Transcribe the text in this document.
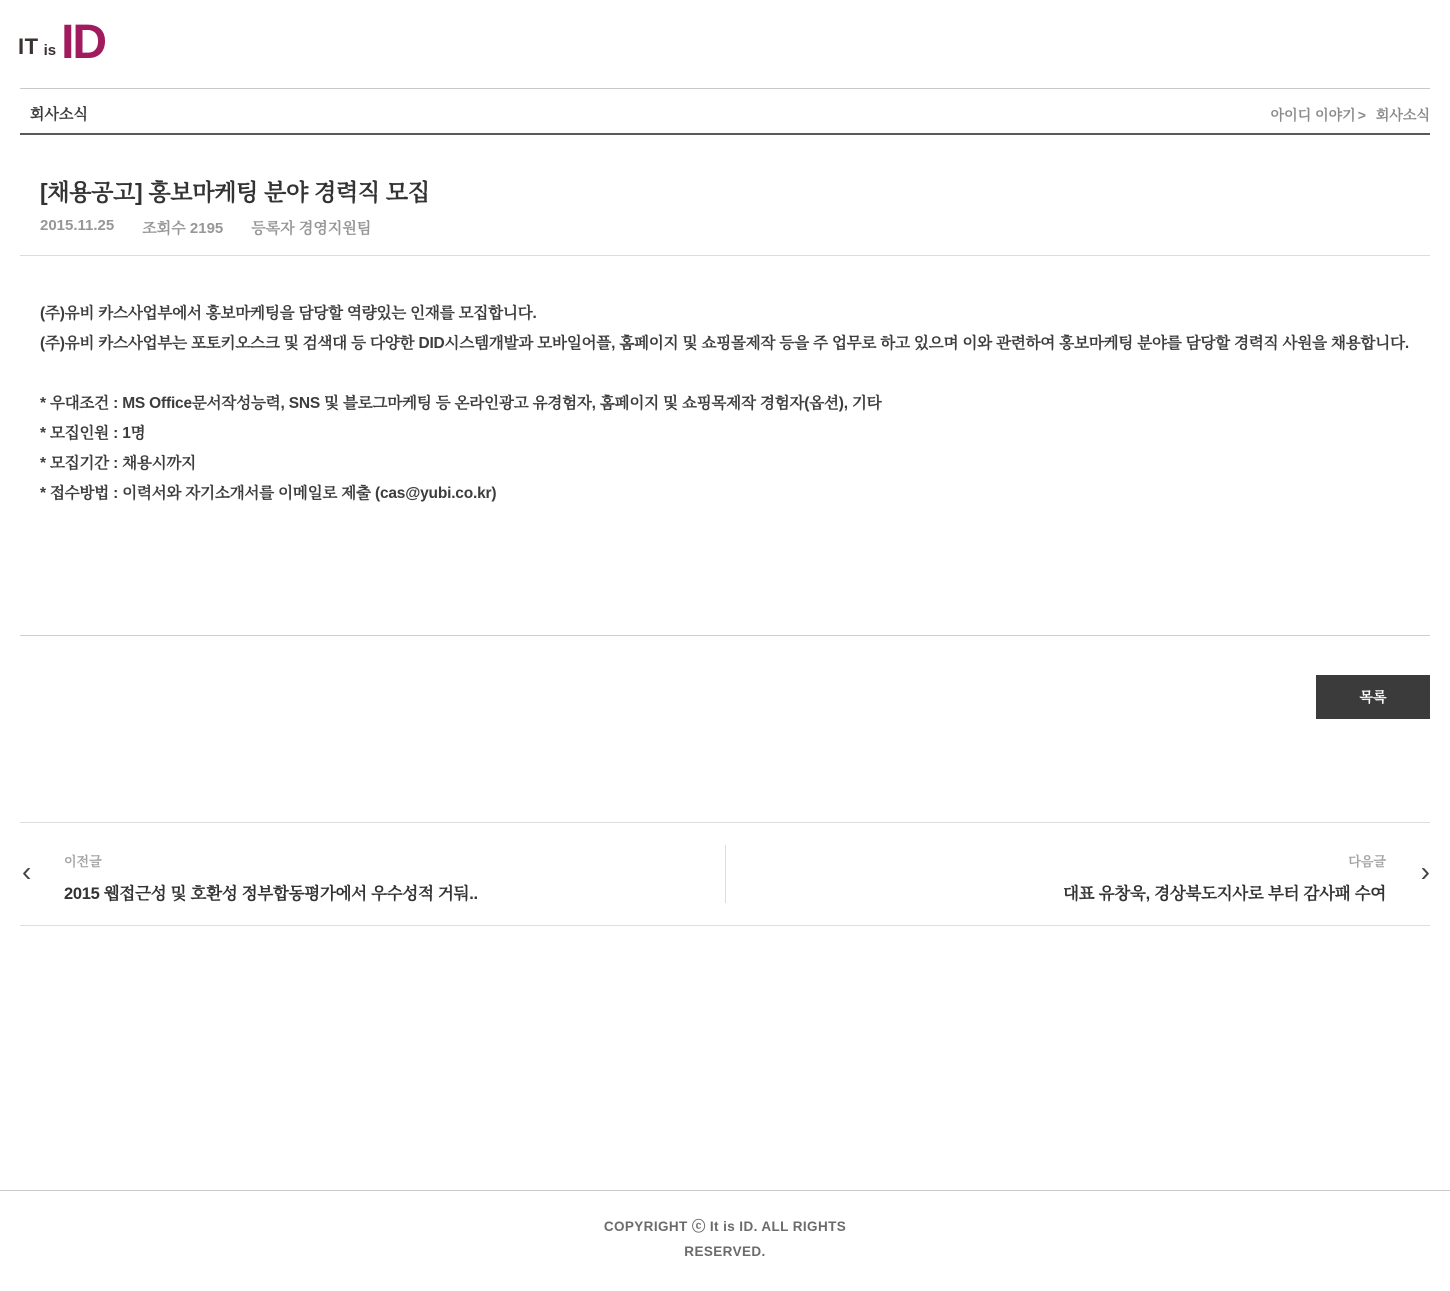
IT is ID
회사소식	아이디 이야기 > 회사소식
[채용공고] 홍보마케팅 분야 경력직 모집
2015.11.25 조회수 2195 등록자 경영지원팀

(주)유비 카스사업부에서 홍보마케팅을 담당할 역량있는 인재를 모집합니다.

(주)유비 카스사업부는 포토키오스크 및 검색대 등 다양한 DID시스템개발과 모바일어플, 홈페이지 및 쇼핑몰제작 등을 주 업무로 하고 있으며 이와 관련하여 홍보마케팅 분야를 담당할 경력직 사원을 채용합니다.

* 우대조건 : MS Office문서작성능력, SNS 및 블로그마케팅 등 온라인광고 유경험자, 홈페이지 및 쇼핑목제작 경험자(옵션), 기타

* 모집인원 : 1명

* 모집기간 : 채용시까지

* 접수방법 : 이력서와 자기소개서를 이메일로 제출 (cas@yubi.co.kr)

목록
‹	이전글
2015 웹접근성 및 호환성 정부합동평가에서 우수성적 거둬..
다음글
대표 유창욱, 경상북도지사로 부터 감사패 수여
›
COPYRIGHT ⓒ It is ID. ALL RIGHTS RESERVED.
